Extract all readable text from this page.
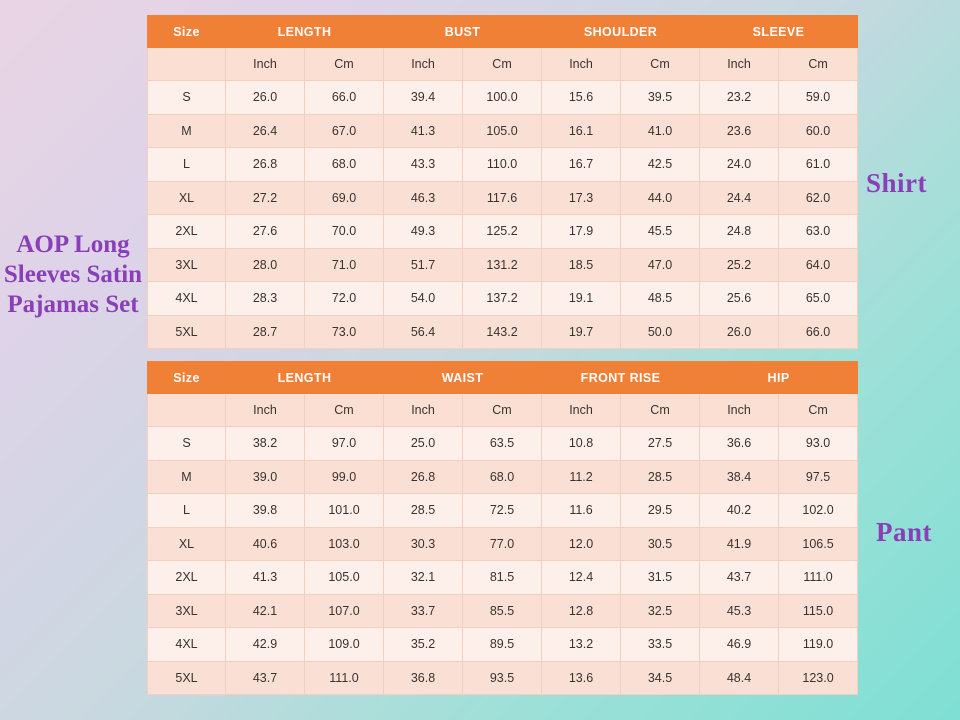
AOP Long Sleeves Satin Pajamas Set
Shirt
Pant
Size	LENGTH		BUST		SHOULDER		SLEEVE	
	Inch	Cm	Inch	Cm	Inch	Cm	Inch	Cm
S	26.0	66.0	39.4	100.0	15.6	39.5	23.2	59.0
M	26.4	67.0	41.3	105.0	16.1	41.0	23.6	60.0
L	26.8	68.0	43.3	110.0	16.7	42.5	24.0	61.0
XL	27.2	69.0	46.3	117.6	17.3	44.0	24.4	62.0
2XL	27.6	70.0	49.3	125.2	17.9	45.5	24.8	63.0
3XL	28.0	71.0	51.7	131.2	18.5	47.0	25.2	64.0
4XL	28.3	72.0	54.0	137.2	19.1	48.5	25.6	65.0
5XL	28.7	73.0	56.4	143.2	19.7	50.0	26.0	66.0
Size	LENGTH		WAIST		FRONT RISE		HIP	
	Inch	Cm	Inch	Cm	Inch	Cm	Inch	Cm
S	38.2	97.0	25.0	63.5	10.8	27.5	36.6	93.0
M	39.0	99.0	26.8	68.0	11.2	28.5	38.4	97.5
L	39.8	101.0	28.5	72.5	11.6	29.5	40.2	102.0
XL	40.6	103.0	30.3	77.0	12.0	30.5	41.9	106.5
2XL	41.3	105.0	32.1	81.5	12.4	31.5	43.7	111.0
3XL	42.1	107.0	33.7	85.5	12.8	32.5	45.3	115.0
4XL	42.9	109.0	35.2	89.5	13.2	33.5	46.9	119.0
5XL	43.7	111.0	36.8	93.5	13.6	34.5	48.4	123.0
